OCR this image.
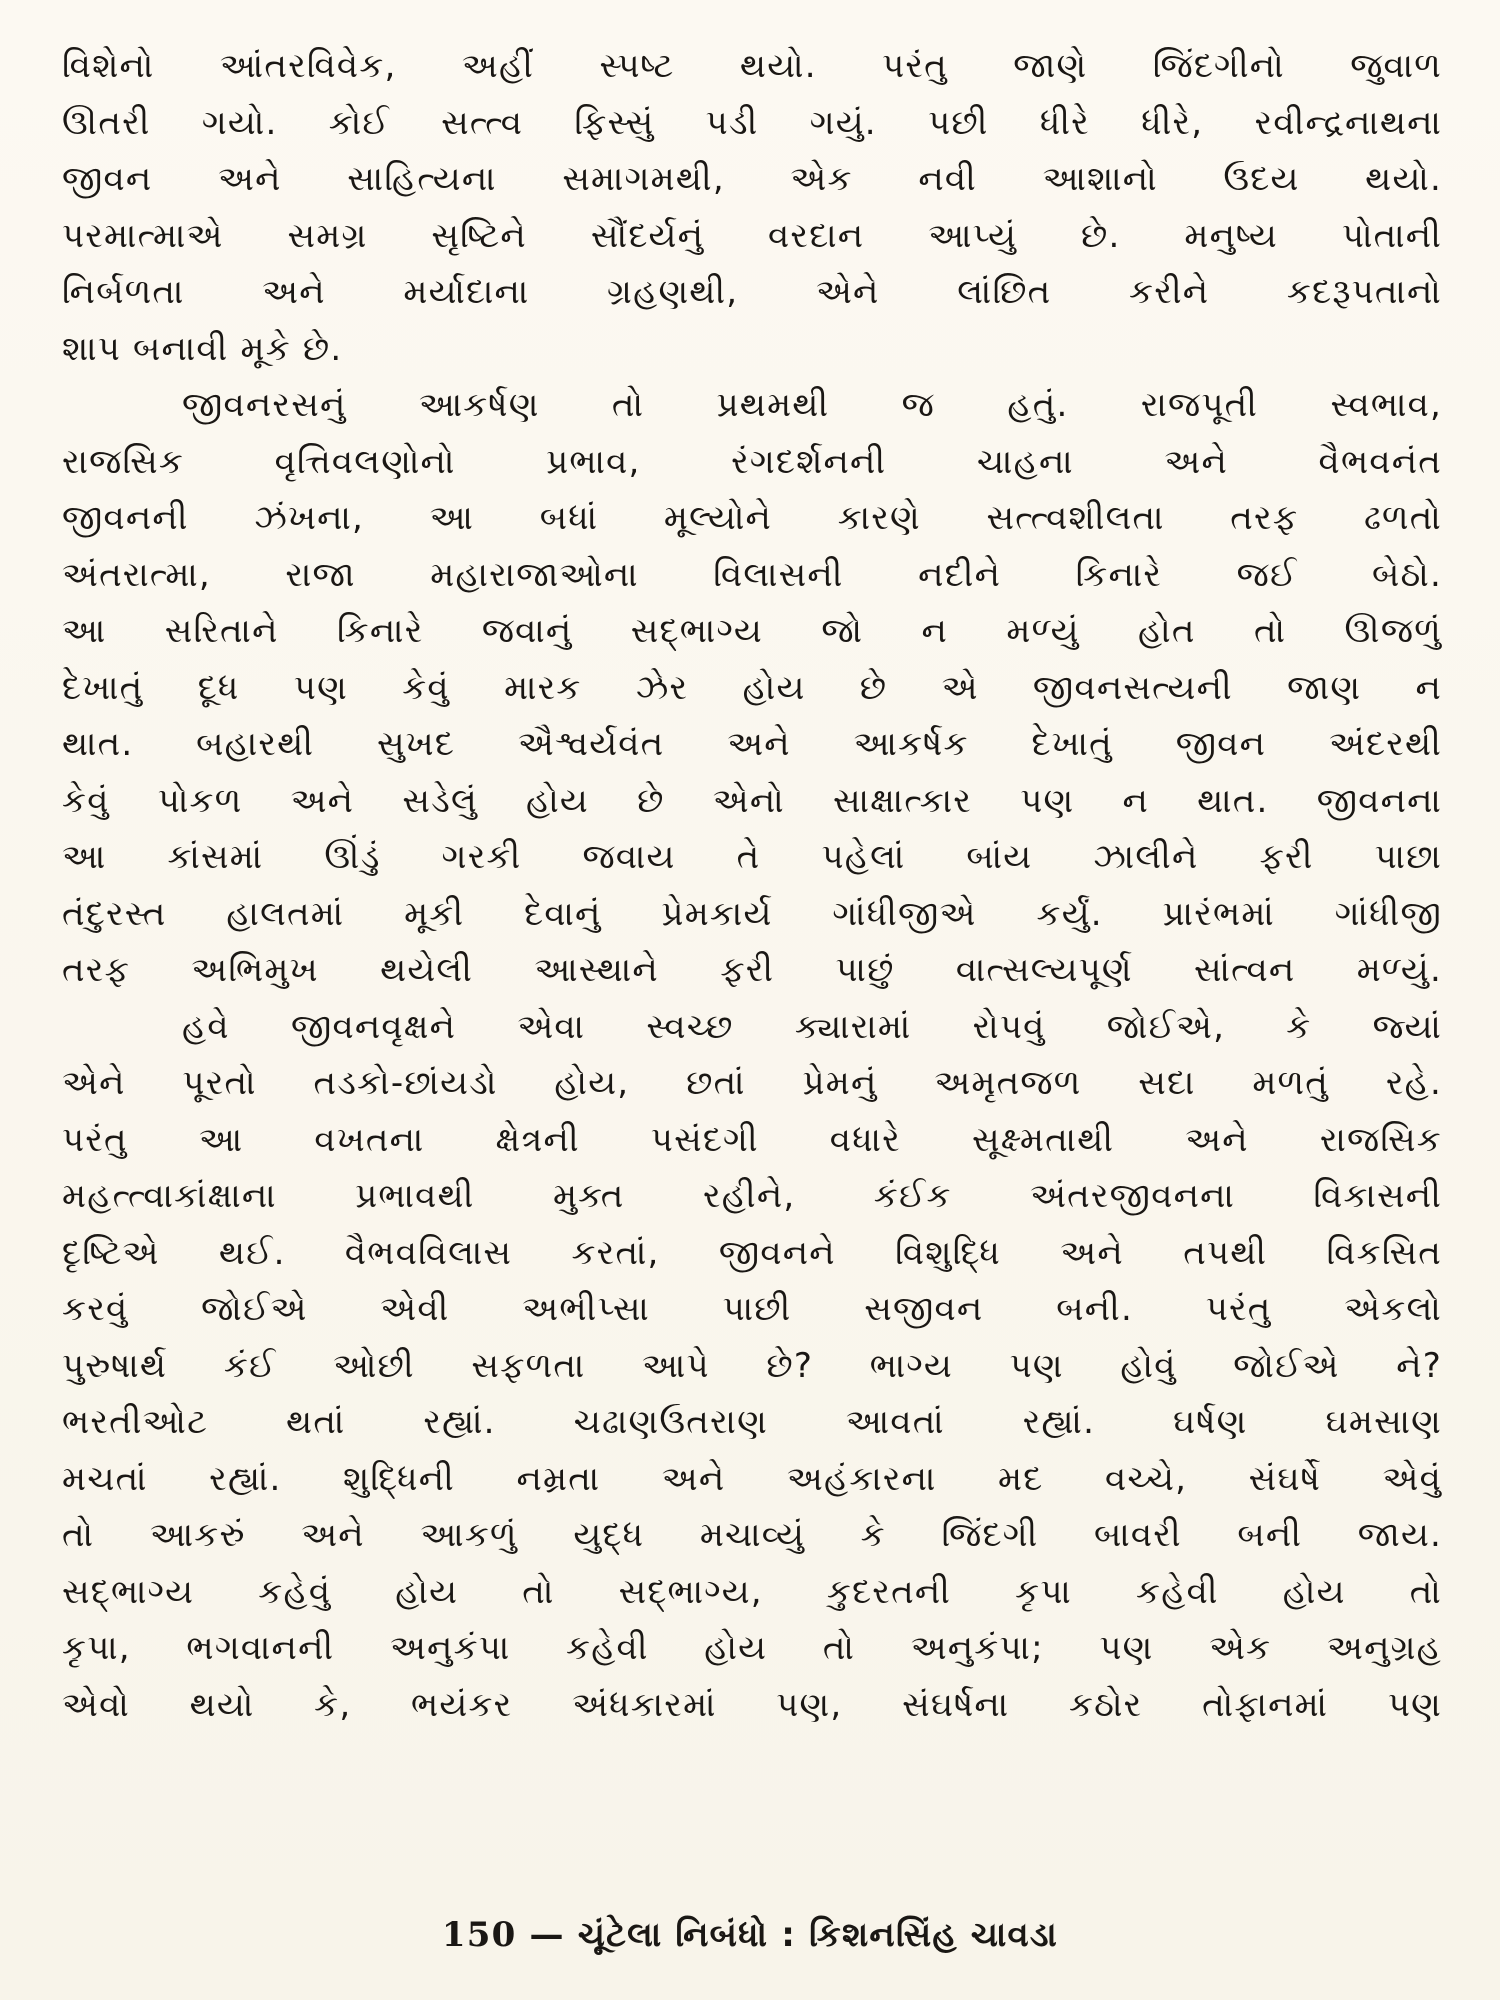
વિશેનો આંતરવિવેક, અહીં સ્પષ્ટ થયો. પરંતુ જાણે જિંદગીનો જુવાળ
ઊતરી ગયો. કોઈ સત્ત્વ ફિસ્સું પડી ગયું. પછી ધીરે ધીરે, રવીન્દ્રનાથના
જીવન અને સાહિત્યના સમાગમથી, એક નવી આશાનો ઉદય થયો.
પરમાત્માએ સમગ્ર સૃષ્ટિને સૌંદર્યનું વરદાન આપ્યું છે. મનુષ્ય પોતાની
નિર્બળતા અને મર્યાદાના ગ્રહણથી, એને લાંછિત કરીને કદરૂપતાનો
શાપ બનાવી મૂકે છે.
જીવનરસનું આકર્ષણ તો પ્રથમથી જ હતું. રાજપૂતી સ્વભાવ,
રાજસિક વૃત્તિવલણોનો પ્રભાવ, રંગદર્શનની ચાહના અને વૈભવનંત
જીવનની ઝંખના, આ બધાં મૂલ્યોને કારણે સત્ત્વશીલતા તરફ ઢળતો
અંતરાત્મા, રાજા મહારાજાઓના વિલાસની નદીને કિનારે જઈ બેઠો.
આ સરિતાને કિનારે જવાનું સદ્ભાગ્ય જો ન મળ્યું હોત તો ઊજળું
દેખાતું દૂધ પણ કેવું મારક ઝેર હોય છે એ જીવનસત્યની જાણ ન
થાત. બહારથી સુખદ ઐશ્વર્યવંત અને આકર્ષક દેખાતું જીવન અંદરથી
કેવું પોકળ અને સડેલું હોય છે એનો સાક્ષાત્કાર પણ ન થાત. જીવનના
આ કાંસમાં ઊંડું ગરકી જવાય તે પહેલાં બાંય ઝાલીને ફરી પાછા
તંદુરસ્ત હાલતમાં મૂકી દેવાનું પ્રેમકાર્ય ગાંધીજીએ કર્યું. પ્રારંભમાં ગાંધીજી
તરફ અભિમુખ થયેલી આસ્થાને ફરી પાછું વાત્સલ્યપૂર્ણ સાંત્વન મળ્યું.
હવે જીવનવૃક્ષને એવા સ્વચ્છ ક્યારામાં રોપવું જોઈએ, કે જ્યાં
એને પૂરતો તડકો-છાંયડો હોય, છતાં પ્રેમનું અમૃતજળ સદા મળતું રહે.
પરંતુ આ વખતના ક્ષેત્રની પસંદગી વધારે સૂક્ષ્મતાથી અને રાજસિક
મહત્ત્વાકાંક્ષાના પ્રભાવથી મુક્ત રહીને, કંઈક અંતરજીવનના વિકાસની
દૃષ્ટિએ થઈ. વૈભવવિલાસ કરતાં, જીવનને વિશુદ્ધિ અને તપથી વિકસિત
કરવું જોઈએ એવી અભીપ્સા પાછી સજીવન બની. પરંતુ એકલો
પુરુષાર્થ કંઈ ઓછી સફળતા આપે છે? ભાગ્ય પણ હોવું જોઈએ ને?
ભરતીઓટ થતાં રહ્યાં. ચઢાણઉતરાણ આવતાં રહ્યાં. ઘર્ષણ ઘમસાણ
મચતાં રહ્યાં. શુદ્ધિની નમ્રતા અને અહંકારના મદ વચ્ચે, સંઘર્ષે એવું
તો આકરું અને આકળું યુદ્ધ મચાવ્યું કે જિંદગી બાવરી બની જાય.
સદ્ભાગ્ય કહેવું હોય તો સદ્ભાગ્ય, કુદરતની કૃપા કહેવી હોય તો
કૃપા, ભગવાનની અનુકંપા કહેવી હોય તો અનુકંપા; પણ એક અનુગ્રહ
એવો થયો કે, ભયંકર અંધકારમાં પણ, સંઘર્ષના કઠોર તોફાનમાં પણ
150 — ચૂંટેલા નિબંધો : કિશનસિંહ ચાવડા
